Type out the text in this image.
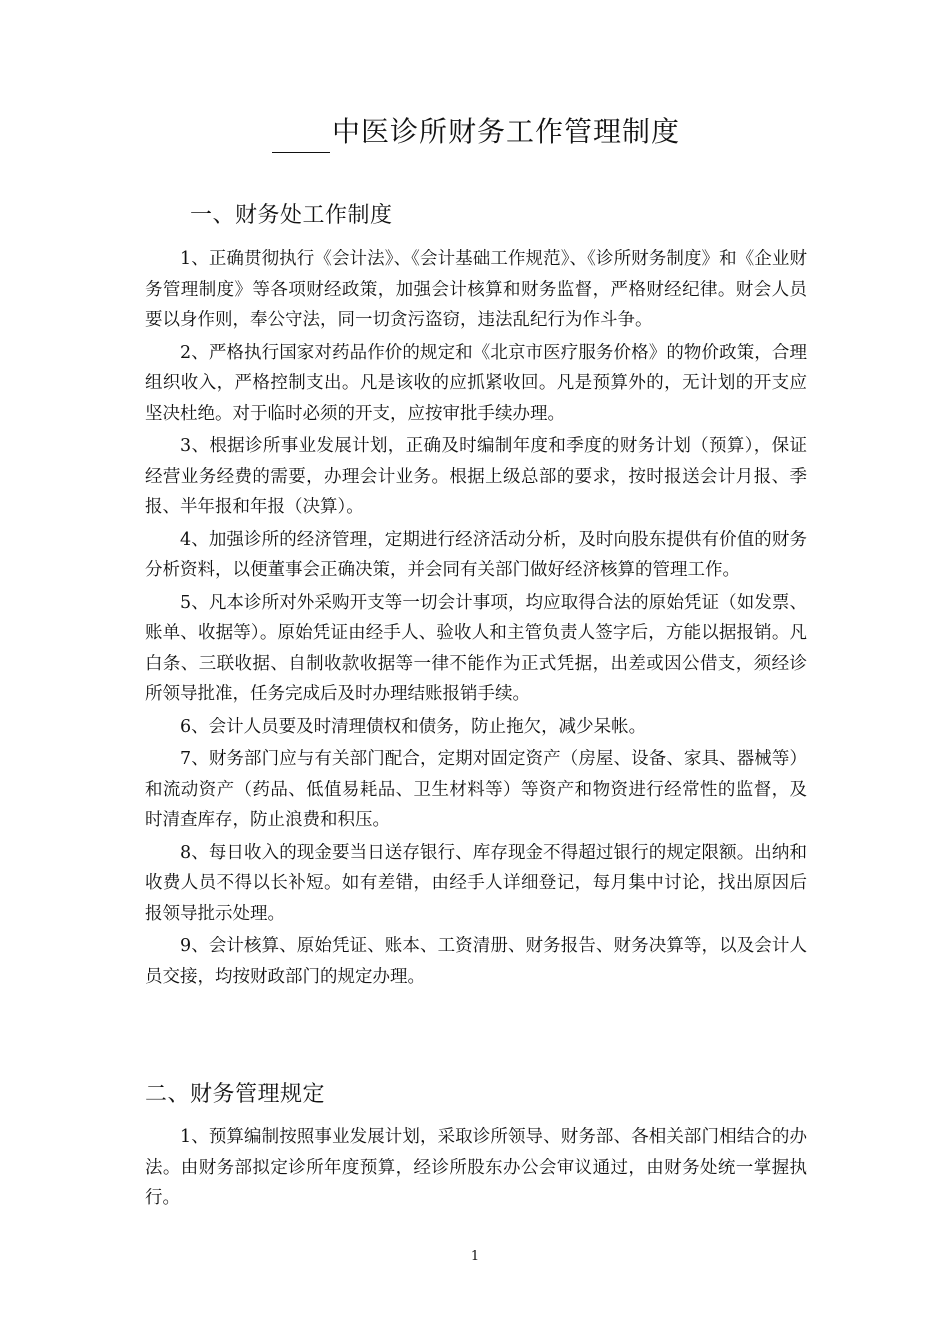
中医诊所财务工作管理制度
一、财务处工作制度

1、正确贯彻执行《会计法》、《会计基础工作规范》、《诊所财务制度》和《企业财务管理制度》等各项财经政策，加强会计核算和财务监督，严格财经纪律。财会人员要以身作则，奉公守法，同一切贪污盗窃，违法乱纪行为作斗争。

2、严格执行国家对药品作价的规定和《北京市医疗服务价格》的物价政策，合理组织收入，严格控制支出。凡是该收的应抓紧收回。凡是预算外的，无计划的开支应坚决杜绝。对于临时必须的开支，应按审批手续办理。

3、根据诊所事业发展计划，正确及时编制年度和季度的财务计划（预算），保证经营业务经费的需要，办理会计业务。根据上级总部的要求，按时报送会计月报、季报、半年报和年报（决算）。

4、加强诊所的经济管理，定期进行经济活动分析，及时向股东提供有价值的财务分析资料，以便董事会正确决策，并会同有关部门做好经济核算的管理工作。

5、凡本诊所对外采购开支等一切会计事项，均应取得合法的原始凭证（如发票、账单、收据等）。原始凭证由经手人、验收人和主管负责人签字后，方能以据报销。凡白条、三联收据、自制收款收据等一律不能作为正式凭据，出差或因公借支，须经诊所领导批准，任务完成后及时办理结账报销手续。

6、会计人员要及时清理债权和债务，防止拖欠，减少呆帐。

7、财务部门应与有关部门配合，定期对固定资产（房屋、设备、家具、器械等）和流动资产（药品、低值易耗品、卫生材料等）等资产和物资进行经常性的监督，及时清查库存，防止浪费和积压。

8、每日收入的现金要当日送存银行、库存现金不得超过银行的规定限额。出纳和收费人员不得以长补短。如有差错，由经手人详细登记，每月集中讨论，找出原因后报领导批示处理。

9、会计核算、原始凭证、账本、工资清册、财务报告、财务决算等，以及会计人员交接，均按财政部门的规定办理。

二、财务管理规定

1、预算编制按照事业发展计划，采取诊所领导、财务部、各相关部门相结合的办法。由财务部拟定诊所年度预算，经诊所股东办公会审议通过，由财务处统一掌握执行。

1
